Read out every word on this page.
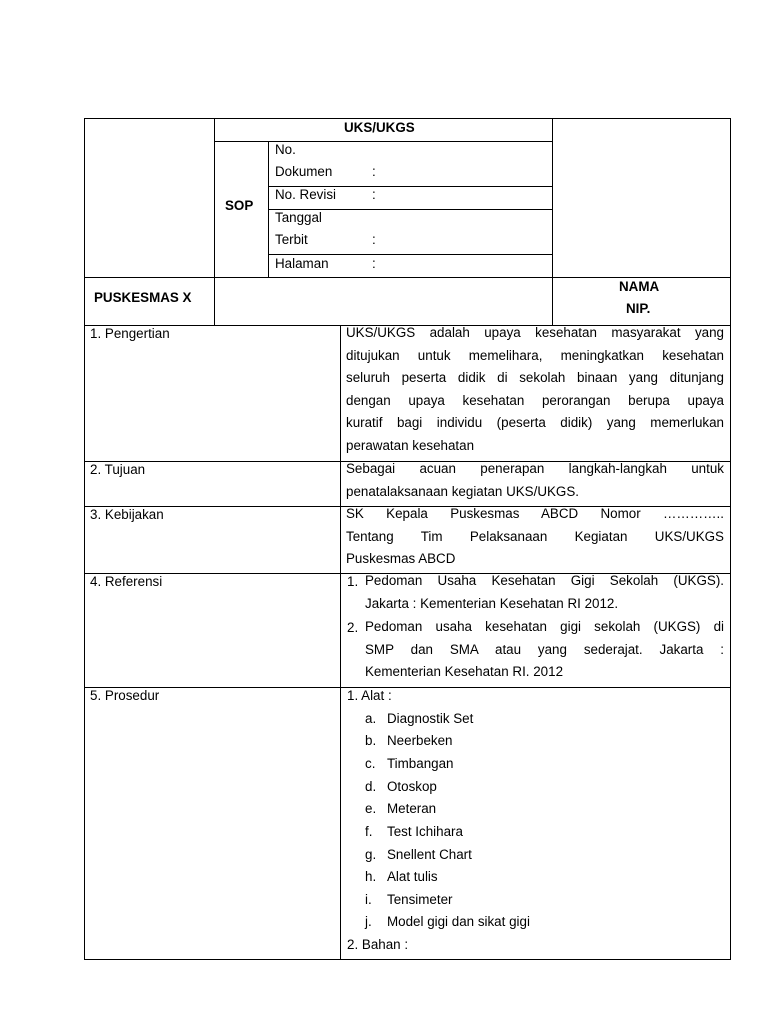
UKS/UKGS
SOP
No.
Dokumen	:
No. Revisi	:
Tanggal
Terbit	:
Halaman	:
PUSKESMAS X
NAMA
NIP.
1. Pengertian	UKS/UKGS adalah upaya kesehatan masyarakat yang
ditujukan untuk memelihara, meningkatkan kesehatan
seluruh peserta didik di sekolah binaan yang ditunjang
dengan upaya kesehatan perorangan berupa upaya
kuratif bagi individu (peserta didik) yang memerlukan
perawatan kesehatan
2. Tujuan	Sebagai acuan penerapan langkah-langkah untuk
penatalaksanaan kegiatan UKS/UKGS.
3. Kebijakan	SK Kepala Puskesmas ABCD Nomor …………..
Tentang Tim Pelaksanaan Kegiatan UKS/UKGS
Puskesmas ABCD
4. Referensi	1. Pedoman Usaha Kesehatan Gigi Sekolah (UKGS).
Jakarta : Kementerian Kesehatan RI 2012.
2. Pedoman usaha kesehatan gigi sekolah (UKGS) di
SMP dan SMA atau yang sederajat. Jakarta :
Kementerian Kesehatan RI. 2012
5. Prosedur	1. Alat :
a. Diagnostik Set
b. Neerbeken
c. Timbangan
d. Otoskop
e. Meteran
f. Test Ichihara
g. Snellent Chart
h. Alat tulis
i. Tensimeter
j. Model gigi dan sikat gigi
2. Bahan :
